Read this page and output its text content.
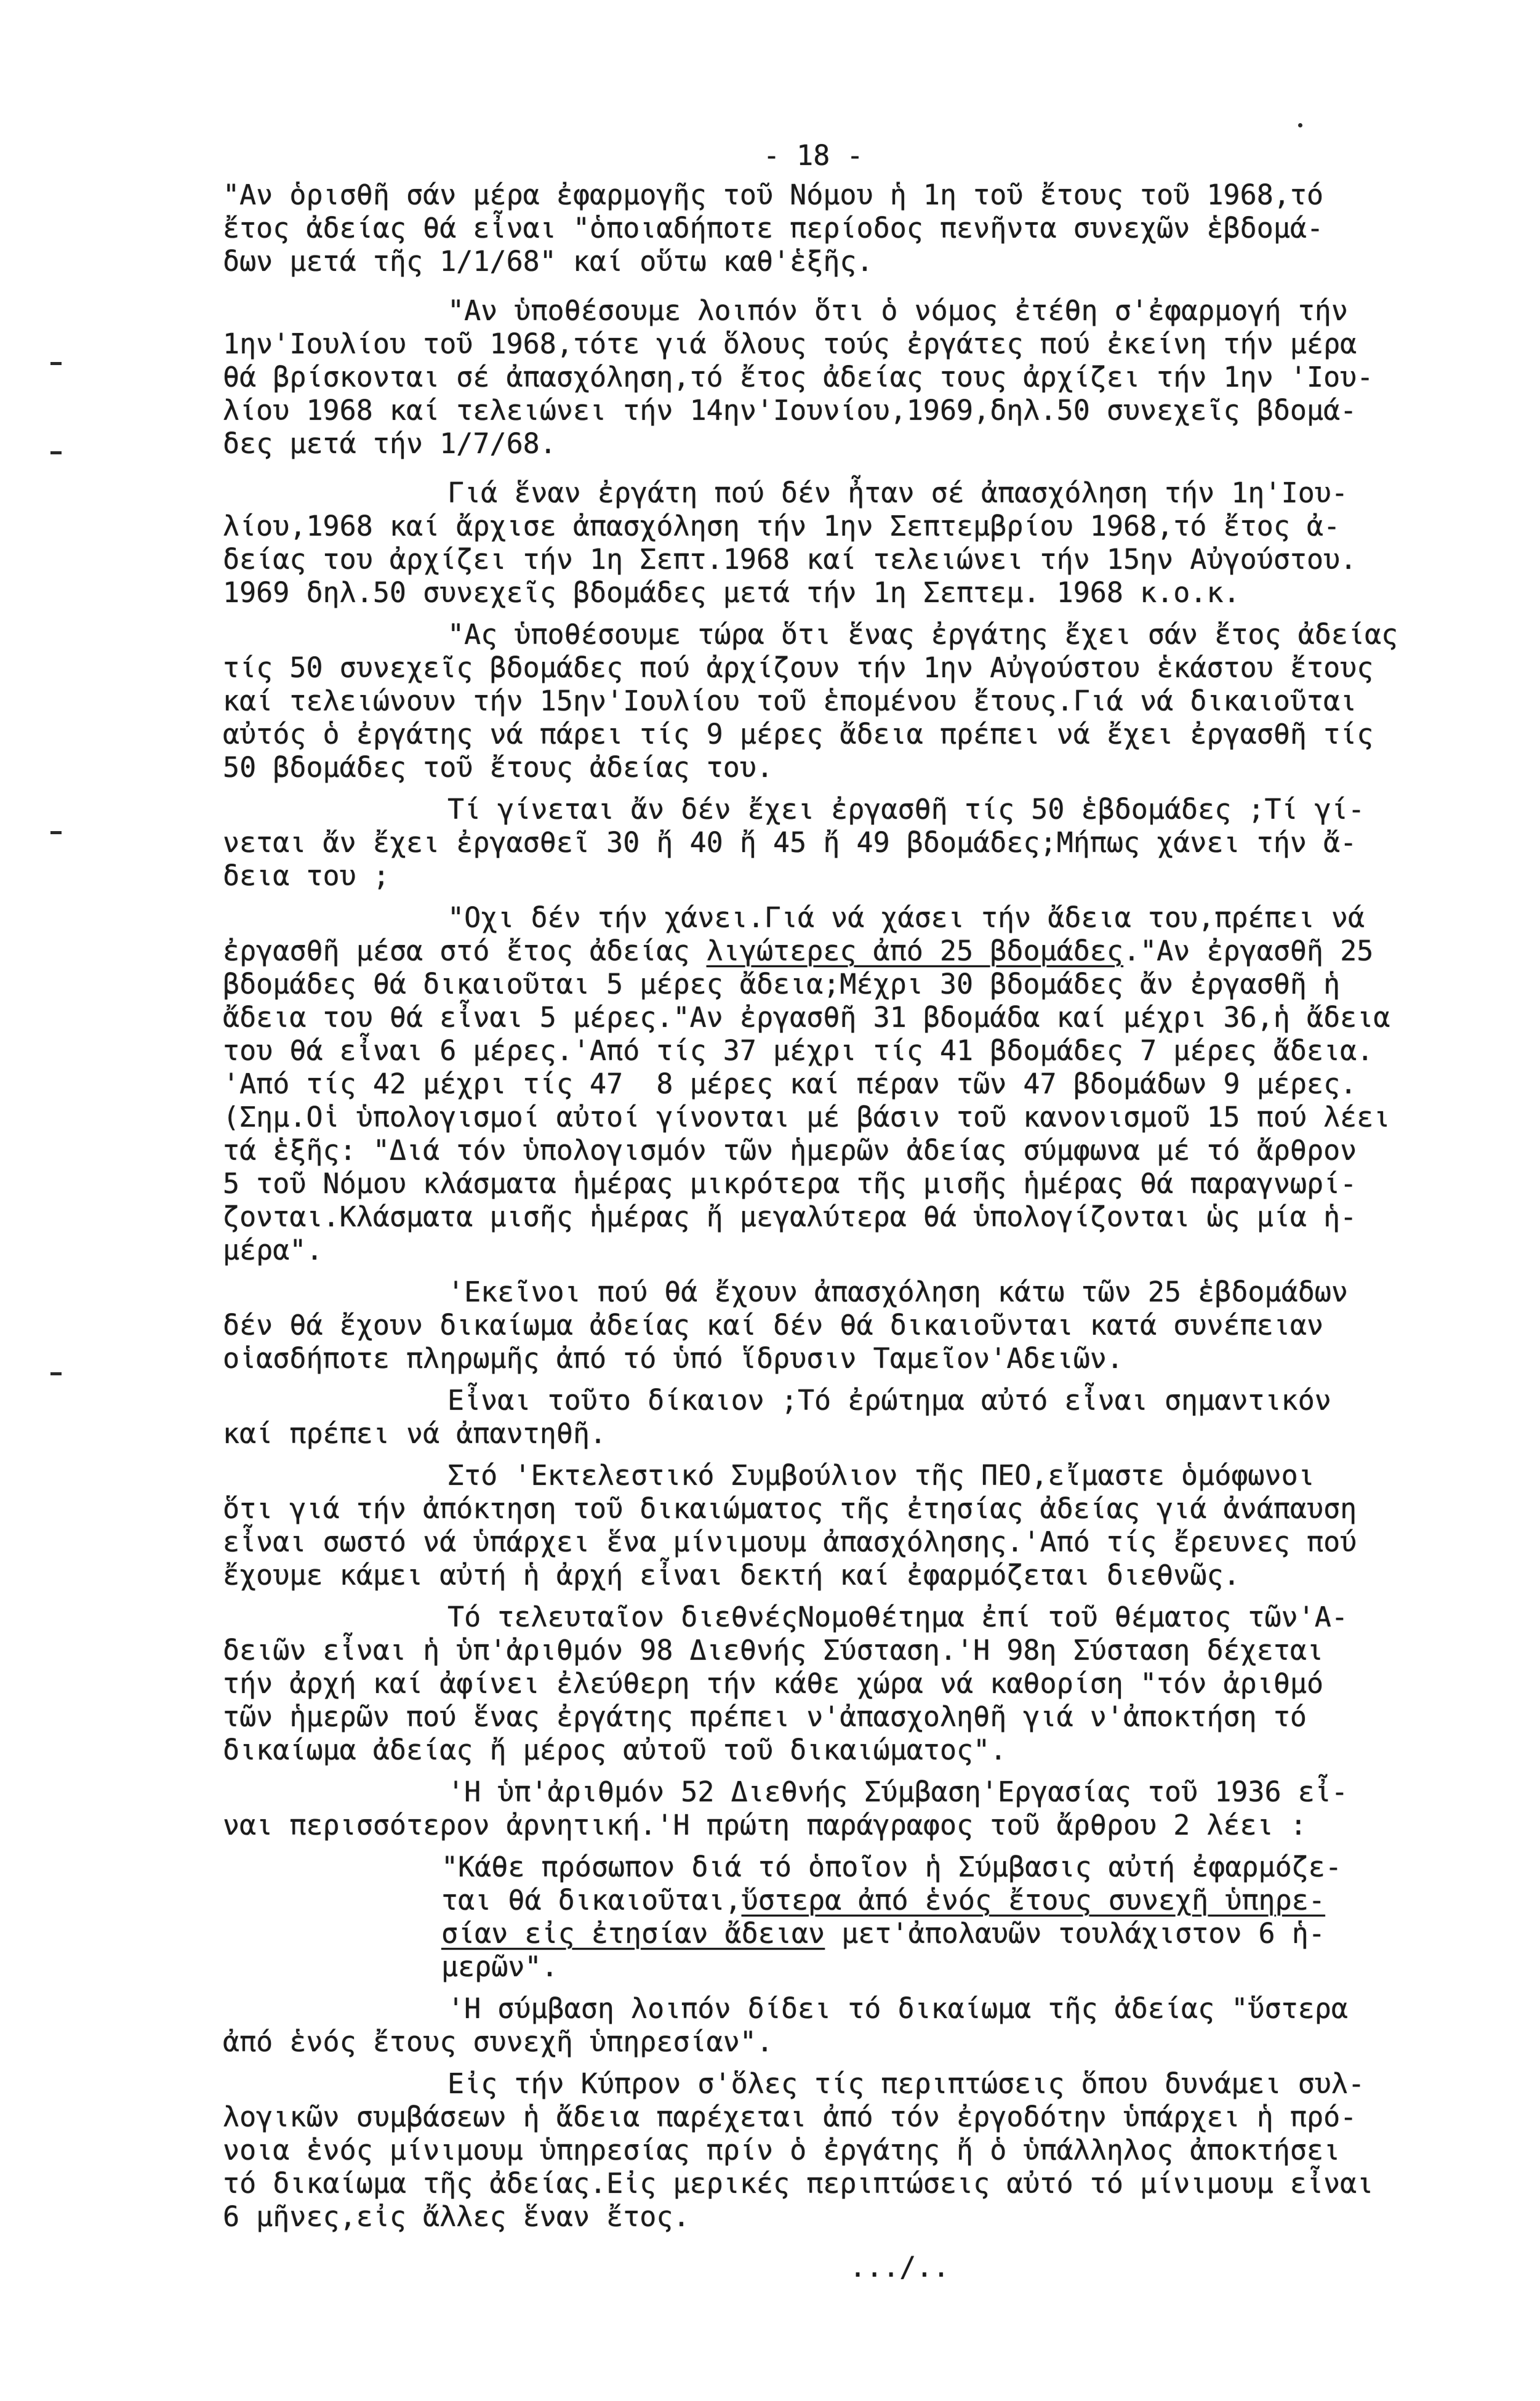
- 18 -
"Αν ὁρισθῆ σάν μέρα ἐφαρμογῆς τοῦ Νόμου ἡ 1η τοῦ ἔτους τοῦ 1968,τό
ἔτος ἀδείας θά εἶναι "ὁποιαδήποτε περίοδος πενῆντα συνεχῶν ἑβδομά-
δων μετά τῆς 1/1/68" καί οὕτω καθ'ἑξῆς.
"Αν ὑποθέσουμε λοιπόν ὅτι ὁ νόμος ἐτέθη σ'ἐφαρμογή τήν
1ην'Ιουλίου τοῦ 1968,τότε γιά ὅλους τούς ἐργάτες πού ἐκείνη τήν μέρα
θά βρίσκονται σέ ἀπασχόληση,τό ἔτος ἀδείας τους ἀρχίζει τήν 1ην 'Ιου-
λίου 1968 καί τελειώνει τήν 14ην'Ιουνίου,1969,δηλ.50 συνεχεῖς βδομά-
δες μετά τήν 1/7/68.
Γιά ἕναν ἐργάτη πού δέν ἦταν σέ ἀπασχόληση τήν 1η'Ιου-
λίου,1968 καί ἄρχισε ἀπασχόληση τήν 1ην Σεπτεμβρίου 1968,τό ἔτος ἀ-
δείας του ἀρχίζει τήν 1η Σεπτ.1968 καί τελειώνει τήν 15ην Αὐγούστου.
1969 δηλ.50 συνεχεῖς βδομάδες μετά τήν 1η Σεπτεμ. 1968 κ.ο.κ.
"Ας ὑποθέσουμε τώρα ὅτι ἕνας ἐργάτης ἔχει σάν ἔτος ἀδείας
τίς 50 συνεχεῖς βδομάδες πού ἀρχίζουν τήν 1ην Αὐγούστου ἑκάστου ἔτους
καί τελειώνουν τήν 15ην'Ιουλίου τοῦ ἑπομένου ἔτους.Γιά νά δικαιοῦται
αὐτός ὁ ἐργάτης νά πάρει τίς 9 μέρες ἄδεια πρέπει νά ἔχει ἐργασθῆ τίς
50 βδομάδες τοῦ ἔτους ἀδείας του.
Τί γίνεται ἄν δέν ἔχει ἐργασθῆ τίς 50 ἑβδομάδες ;Τί γί-
νεται ἄν ἔχει ἐργασθεῖ 30 ἤ 40 ἤ 45 ἤ 49 βδομάδες;Μήπως χάνει τήν ἄ-
δεια του ;
"Οχι δέν τήν χάνει.Γιά νά χάσει τήν ἄδεια του,πρέπει νά
ἐργασθῆ μέσα στό ἔτος ἀδείας λιγώτερες ἀπό 25 βδομάδες."Αν ἐργασθῆ 25
βδομάδες θά δικαιοῦται 5 μέρες ἄδεια;Μέχρι 30 βδομάδες ἄν ἐργασθῆ ἡ
ἄδεια του θά εἶναι 5 μέρες."Αν ἐργασθῆ 31 βδομάδα καί μέχρι 36,ἡ ἄδεια
του θά εἶναι 6 μέρες.'Από τίς 37 μέχρι τίς 41 βδομάδες 7 μέρες ἄδεια.
'Από τίς 42 μέχρι τίς 47  8 μέρες καί πέραν τῶν 47 βδομάδων 9 μέρες.
(Σημ.Οἱ ὑπολογισμοί αὐτοί γίνονται μέ βάσιν τοῦ κανονισμοῦ 15 πού λέει
τά ἑξῆς: "Διά τόν ὑπολογισμόν τῶν ἡμερῶν ἀδείας σύμφωνα μέ τό ἄρθρον
5 τοῦ Νόμου κλάσματα ἡμέρας μικρότερα τῆς μισῆς ἡμέρας θά παραγνωρί-
ζονται.Κλάσματα μισῆς ἡμέρας ἤ μεγαλύτερα θά ὑπολογίζονται ὡς μία ἡ-
μέρα".
'Εκεῖνοι πού θά ἔχουν ἀπασχόληση κάτω τῶν 25 ἑβδομάδων
δέν θά ἔχουν δικαίωμα ἀδείας καί δέν θά δικαιοῦνται κατά συνέπειαν
οἱασδήποτε πληρωμῆς ἀπό τό ὑπό ἵδρυσιν Ταμεῖον'Αδειῶν.
Εἶναι τοῦτο δίκαιον ;Τό ἐρώτημα αὐτό εἶναι σημαντικόν
καί πρέπει νά ἀπαντηθῆ.
Στό 'Εκτελεστικό Συμβούλιον τῆς ΠΕΟ,εἴμαστε ὁμόφωνοι
ὅτι γιά τήν ἀπόκτηση τοῦ δικαιώματος τῆς ἐτησίας ἀδείας γιά ἀνάπαυση
εἶναι σωστό νά ὑπάρχει ἕνα μίνιμουμ ἀπασχόλησης.'Από τίς ἔρευνες πού
ἔχουμε κάμει αὐτή ἡ ἀρχή εἶναι δεκτή καί ἐφαρμόζεται διεθνῶς.
Τό τελευταῖον διεθνέςΝομοθέτημα ἐπί τοῦ θέματος τῶν'Α-
δειῶν εἶναι ἡ ὑπ'ἀριθμόν 98 Διεθνής Σύσταση.'Η 98η Σύσταση δέχεται
τήν ἀρχή καί ἀφίνει ἐλεύθερη τήν κάθε χώρα νά καθορίση "τόν ἀριθμό
τῶν ἡμερῶν πού ἕνας ἐργάτης πρέπει ν'ἀπασχοληθῆ γιά ν'ἀποκτήση τό
δικαίωμα ἀδείας ἤ μέρος αὐτοῦ τοῦ δικαιώματος".
'Η ὑπ'ἀριθμόν 52 Διεθνής Σύμβαση'Εργασίας τοῦ 1936 εἶ-
ναι περισσότερον ἀρνητική.'Η πρώτη παράγραφος τοῦ ἄρθρου 2 λέει :
"Κάθε πρόσωπον διά τό ὁποῖον ἡ Σύμβασις αὐτή ἐφαρμόζε-
ται θά δικαιοῦται,ὕστερα ἀπό ἑνός ἔτους συνεχῆ ὑπηρε-
σίαν εἰς ἐτησίαν ἄδειαν μετ'ἀπολαυῶν τουλάχιστον 6 ἡ-
μερῶν".
'Η σύμβαση λοιπόν δίδει τό δικαίωμα τῆς ἀδείας "ὕστερα
ἀπό ἑνός ἔτους συνεχῆ ὑπηρεσίαν".
Εἰς τήν Κύπρον σ'ὅλες τίς περιπτώσεις ὅπου δυνάμει συλ-
λογικῶν συμβάσεων ἡ ἄδεια παρέχεται ἀπό τόν ἐργοδότην ὑπάρχει ἡ πρό-
νοια ἑνός μίνιμουμ ὑπηρεσίας πρίν ὁ ἐργάτης ἤ ὁ ὑπάλληλος ἀποκτήσει
τό δικαίωμα τῆς ἀδείας.Εἰς μερικές περιπτώσεις αὐτό τό μίνιμουμ εἶναι
6 μῆνες,εἰς ἄλλες ἕναν ἔτος.
.../..
